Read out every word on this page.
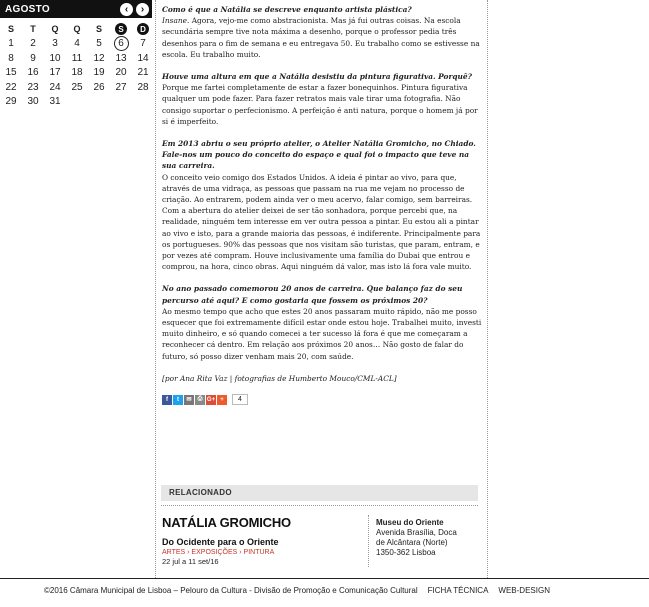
AGOSTO	‹	›
S	T	Q	Q	S	S	D
1	2	3	4	5	6	7
8	9	10	11	12	13	14
15	16	17	18	19	20	21
22	23	24	25	26	27	28
29	30	31

Como é que a Natália se descreve enquanto artista plástica?

Insane. Agora, vejo-me como abstracionista. Mas já fui outras coisas. Na escola secundária sempre tive nota máxima a desenho, porque o professor pedia três desenhos para o fim de semana e eu entregava 50. Eu trabalho como se estivesse na escola. Eu trabalho muito.

Houve uma altura em que a Natália desistiu da pintura figurativa. Porquê?

Porque me fartei completamente de estar a fazer bonequinhos. Pintura figurativa qualquer um pode fazer. Para fazer retratos mais vale tirar uma fotografia. Não consigo suportar o perfecionismo. A perfeição é anti natura, porque o homem já por si é imperfeito.

Em 2013 abriu o seu próprio atelier, o Atelier Natália Gromicho, no Chiado. Fale-nos um pouco do conceito do espaço e qual foi o impacto que teve na sua carreira.

O conceito veio comigo dos Estados Unidos. A ideia é pintar ao vivo, para que, através de uma vidraça, as pessoas que passam na rua me vejam no processo de criação. Ao entrarem, podem ainda ver o meu acervo, falar comigo, sem barreiras. Com a abertura do atelier deixei de ser tão sonhadora, porque percebi que, na realidade, ninguém tem interesse em ver outra pessoa a pintar. Eu estou ali a pintar ao vivo e isto, para a grande maioria das pessoas, é indiferente. Principalmente para os portugueses. 90% das pessoas que nos visitam são turistas, que param, entram, e por vezes até compram. Houve inclusivamente uma família do Dubai que entrou e comprou, na hora, cinco obras. Aqui ninguém dá valor, mas isto lá fora vale muito.

No ano passado comemorou 20 anos de carreira. Que balanço faz do seu percurso até aqui? E como gostaria que fossem os próximos 20?

Ao mesmo tempo que acho que estes 20 anos passaram muito rápido, não me posso esquecer que foi extremamente difícil estar onde estou hoje. Trabalhei muito, investi muito dinheiro, e só quando comecei a ter sucesso lá fora é que me começaram a reconhecer cá dentro. Em relação aos próximos 20 anos… Não gosto de falar do futuro, só posso dizer venham mais 20, com saúde.

[por Ana Rita Vaz | fotografias de Humberto Mouco/CML-ACL]

f	t	✉	⎙ G+ +	4
RELACIONADO
NATÁLIA GROMICHO
Do Ocidente para o Oriente
ARTES › EXPOSIÇÕES › PINTURA
22 jul a 11 set/16
Museu do Oriente
Avenida Brasília, Doca
de Alcântara (Norte)
1350-362 Lisboa
©2016 Câmara Municipal de Lisboa – Pelouro da Cultura - Divisão de Promoção e Comunicação Cultural FICHA TÉCNICA WEB-DESIGN
